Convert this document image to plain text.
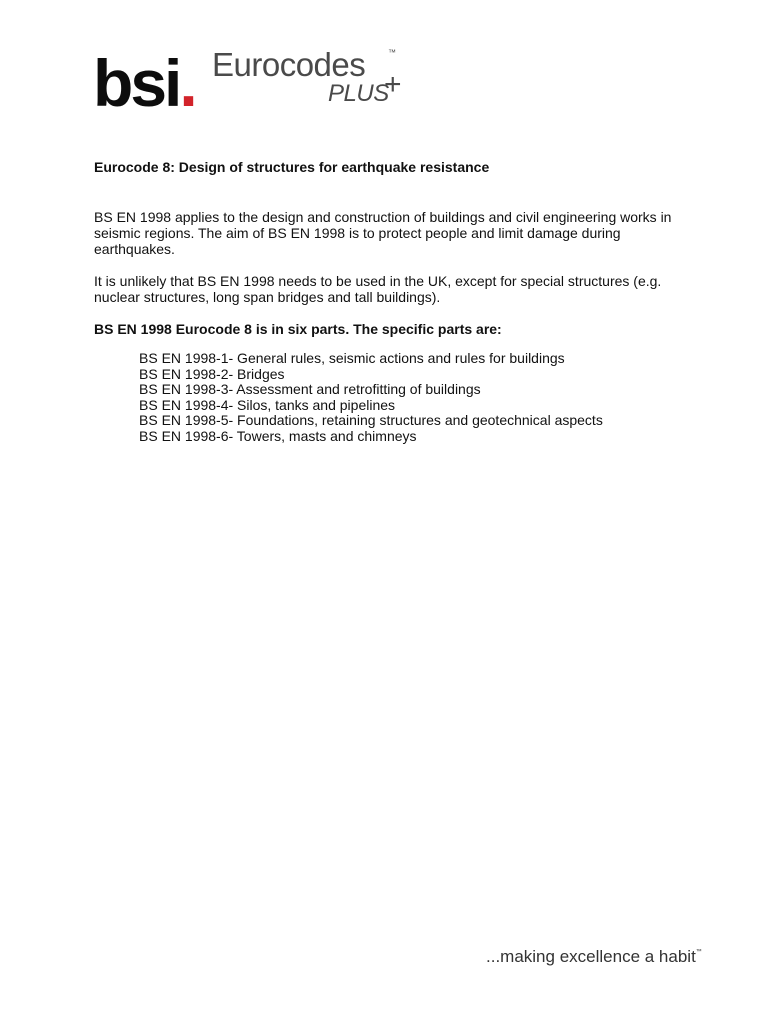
bsi. Eurocodes	™
PLUS
+

Eurocode 8: Design of structures for earthquake resistance

BS EN 1998 applies to the design and construction of buildings and civil engineering works in seismic regions. The aim of BS EN 1998 is to protect people and limit damage during earthquakes.

It is unlikely that BS EN 1998 needs to be used in the UK, except for special structures (e.g. nuclear structures, long span bridges and tall buildings).

BS EN 1998 Eurocode 8 is in six parts. The specific parts are:

BS EN 1998-1- General rules, seismic actions and rules for buildings
BS EN 1998-2- Bridges
BS EN 1998-3- Assessment and retrofitting of buildings
BS EN 1998-4- Silos, tanks and pipelines
BS EN 1998-5- Foundations, retaining structures and geotechnical aspects
BS EN 1998-6- Towers, masts and chimneys
...making excellence a habit™
